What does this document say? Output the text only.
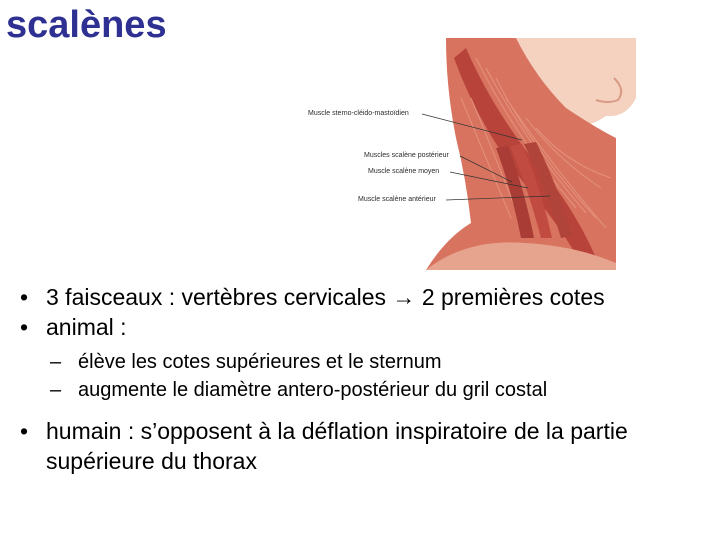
scalènes
Muscle sterno-cléido-mastoïdien
Muscles scalène postérieur
Muscle scalène moyen
Muscle scalène antérieur
• 3 faisceaux : vertèbres cervicales → 2 premières cotes
• animal :
– élève les cotes supérieures et le sternum
– augmente le diamètre antero-postérieur du gril costal
• humain : s’opposent à la déflation inspiratoire de la partie supérieure du thorax
